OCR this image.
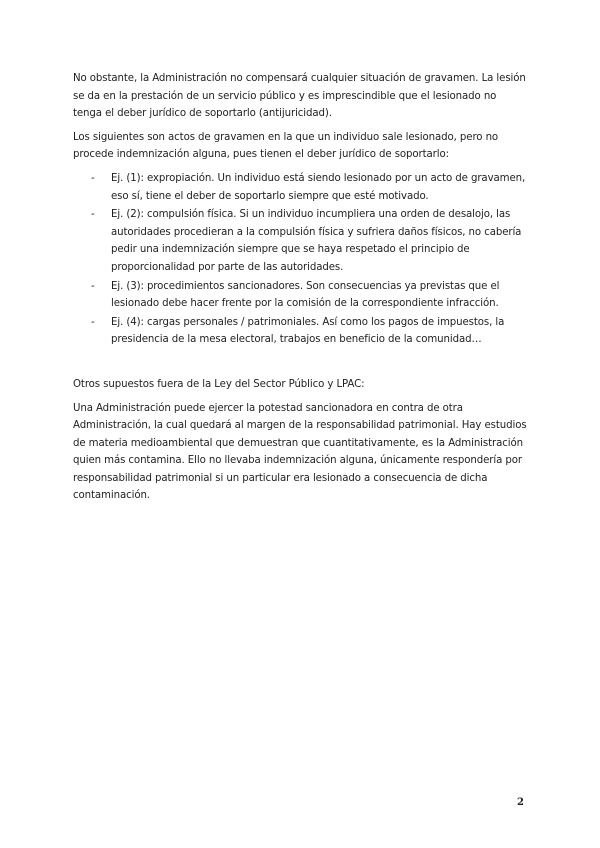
No obstante, la Administración no compensará cualquier situación de gravamen. La lesión se da en la prestación de un servicio público y es imprescindible que el lesionado no tenga el deber jurídico de soportarlo (antijuricidad).

Los siguientes son actos de gravamen en la que un individuo sale lesionado, pero no procede indemnización alguna, pues tienen el deber jurídico de soportarlo:

- Ej. (1): expropiación. Un individuo está siendo lesionado por un acto de gravamen, eso sí, tiene el deber de soportarlo siempre que esté motivado.
- Ej. (2): compulsión física. Si un individuo incumpliera una orden de desalojo, las autoridades procedieran a la compulsión física y sufriera daños físicos, no cabería pedir una indemnización siempre que se haya respetado el principio de proporcionalidad por parte de las autoridades.
- Ej. (3): procedimientos sancionadores. Son consecuencias ya previstas que el lesionado debe hacer frente por la comisión de la correspondiente infracción.
- Ej. (4): cargas personales / patrimoniales. Así como los pagos de impuestos, la presidencia de la mesa electoral, trabajos en beneficio de la comunidad…

Otros supuestos fuera de la Ley del Sector Público y LPAC:

Una Administración puede ejercer la potestad sancionadora en contra de otra Administración, la cual quedará al margen de la responsabilidad patrimonial. Hay estudios de materia medioambiental que demuestran que cuantitativamente, es la Administración quien más contamina. Ello no llevaba indemnización alguna, únicamente respondería por responsabilidad patrimonial si un particular era lesionado a consecuencia de dicha contaminación.

2
